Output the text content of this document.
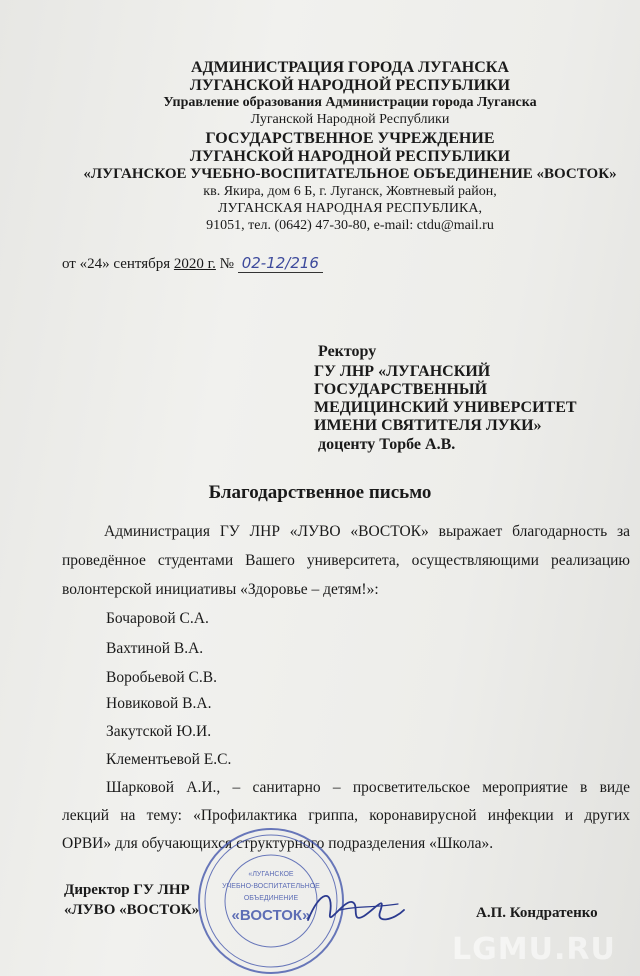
АДМИНИСТРАЦИЯ ГОРОДА ЛУГАНСКА
ЛУГАНСКОЙ НАРОДНОЙ РЕСПУБЛИКИ
Управление образования Администрации города Луганска
Луганской Народной Республики
ГОСУДАРСТВЕННОЕ УЧРЕЖДЕНИЕ
ЛУГАНСКОЙ НАРОДНОЙ РЕСПУБЛИКИ
«ЛУГАНСКОЕ УЧЕБНО-ВОСПИТАТЕЛЬНОЕ ОБЪЕДИНЕНИЕ «ВОСТОК»
кв. Якира, дом 6 Б, г. Луганск, Жовтневый район,
ЛУГАНСКАЯ НАРОДНАЯ РЕСПУБЛИКА,
91051, тел. (0642) 47-30-80, e-mail: ctdu@mail.ru
от «24» сентября 2020 г. № 02-12/216
Ректору
ГУ ЛНР «ЛУГАНСКИЙ
ГОСУДАРСТВЕННЫЙ
МЕДИЦИНСКИЙ УНИВЕРСИТЕТ
ИМЕНИ СВЯТИТЕЛЯ ЛУКИ»
доценту Торбе А.В.
Благодарственное письмо
Администрация ГУ ЛНР «ЛУВО «ВОСТОК» выражает благодарность за
проведённое студентами Вашего университета, осуществляющими реализацию
волонтерской инициативы «Здоровье – детям!»:
Бочаровой С.А.
Вахтиной В.А.
Воробьевой С.В.
Новиковой В.А.
Закутской Ю.И.
Клементьевой Е.С.
Шарковой А.И., – санитарно – просветительское мероприятие в виде
лекций на тему: «Профилактика гриппа, коронавирусной инфекции и других
ОРВИ» для обучающихся структурного подразделения «Школа».
Директор ГУ ЛНР
«ЛУВО «ВОСТОК»	А.П. Кондратенко
«ЛУГАНСКОЕ
УЧЕБНО-ВОСПИТАТЕЛЬНОЕ
ОБЪЕДИНЕНИЕ
«ВОСТОК»
LGMU.RU
